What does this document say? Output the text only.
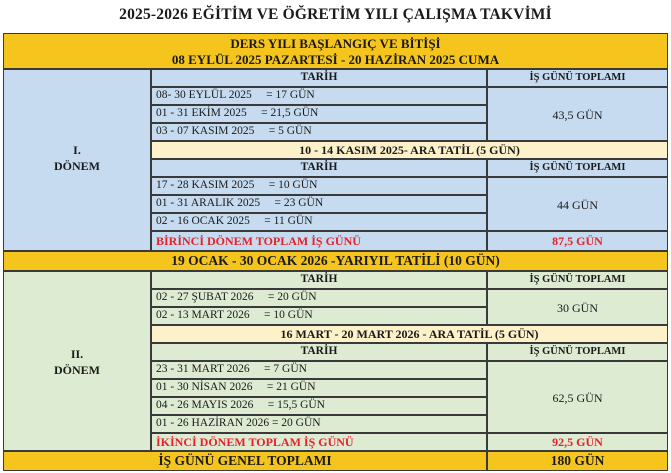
2025-2026 EĞİTİM VE ÖĞRETİM YILI ÇALIŞMA TAKVİMİ
DERS YILI BAŞLANGIÇ VE BİTİŞİ
08 EYLÜL 2025 PAZARTESİ - 20 HAZİRAN 2025 CUMA
I.
DÖNEM
TARİH	İŞ GÜNÜ TOPLAMI
08- 30 EYLÜL 2025     = 17 GÜN
01 - 31 EKİM 2025     = 21,5 GÜN
03 - 07 KASIM 2025     = 5 GÜN
43,5 GÜN
10 - 14 KASIM 2025- ARA TATİL (5 GÜN)
TARİH	İŞ GÜNÜ TOPLAMI
17 - 28 KASIM 2025     = 10 GÜN
01 - 31 ARALIK 2025     = 23 GÜN
02 - 16 OCAK 2025     = 11 GÜN
44 GÜN
BİRİNCİ DÖNEM TOPLAM İŞ GÜNÜ	87,5 GÜN
19 OCAK - 30 OCAK 2026 -YARIYIL TATİLİ (10 GÜN)
II.
DÖNEM
TARİH	İŞ GÜNÜ TOPLAMI
02 - 27 ŞUBAT 2026     = 20 GÜN
02 - 13 MART 2026     = 10 GÜN	30 GÜN
16 MART - 20 MART 2026 - ARA TATİL (5 GÜN)
TARİH	İŞ GÜNÜ TOPLAMI
23 - 31 MART 2026     = 7 GÜN
01 - 30 NİSAN 2026     = 21 GÜN
04 - 26 MAYIS 2026     = 15,5 GÜN
01 - 26 HAZİRAN 2026 = 20 GÜN
62,5 GÜN
İKİNCİ DÖNEM TOPLAM İŞ GÜNÜ	92,5 GÜN
İŞ GÜNÜ GENEL TOPLAMI	180 GÜN
